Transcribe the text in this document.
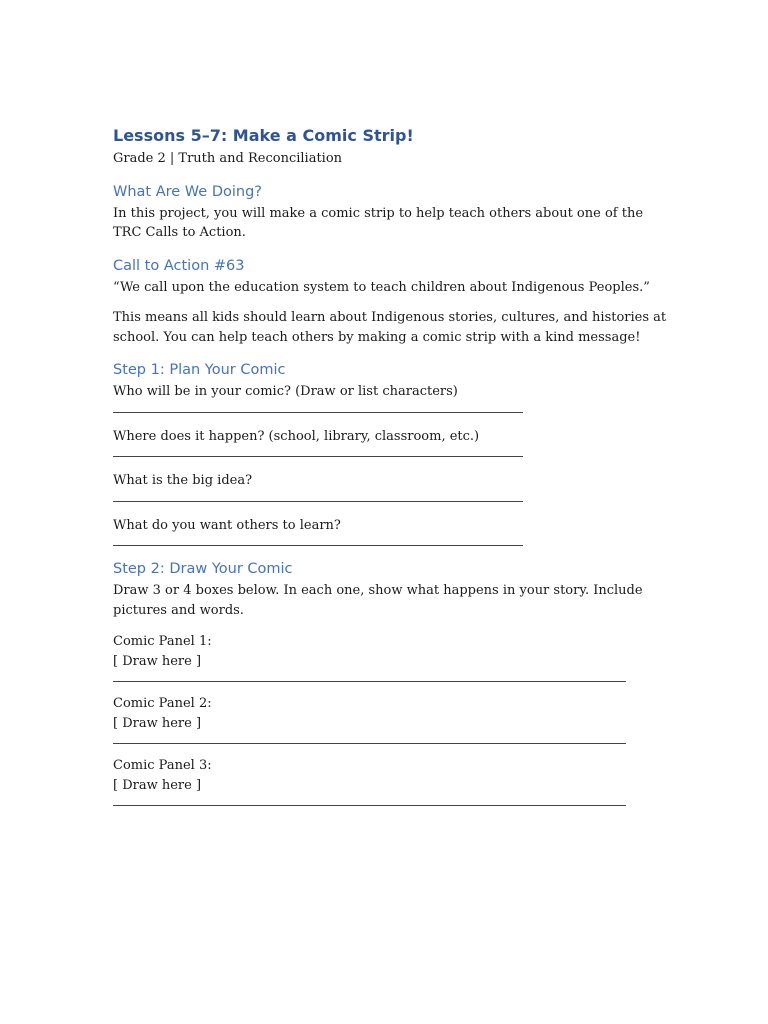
Lessons 5–7: Make a Comic Strip!

Grade 2 | Truth and Reconciliation

What Are We Doing?

In this project, you will make a comic strip to help teach others about one of the TRC Calls to Action.

Call to Action #63

“We call upon the education system to teach children about Indigenous Peoples.”

This means all kids should learn about Indigenous stories, cultures, and histories at school. You can help teach others by making a comic strip with a kind message!

Step 1: Plan Your Comic

Who will be in your comic? (Draw or list characters)

Where does it happen? (school, library, classroom, etc.)

What is the big idea?

What do you want others to learn?

Step 2: Draw Your Comic

Draw 3 or 4 boxes below. In each one, show what happens in your story. Include pictures and words.

Comic Panel 1:

[ Draw here ]

Comic Panel 2:

[ Draw here ]

Comic Panel 3:

[ Draw here ]
